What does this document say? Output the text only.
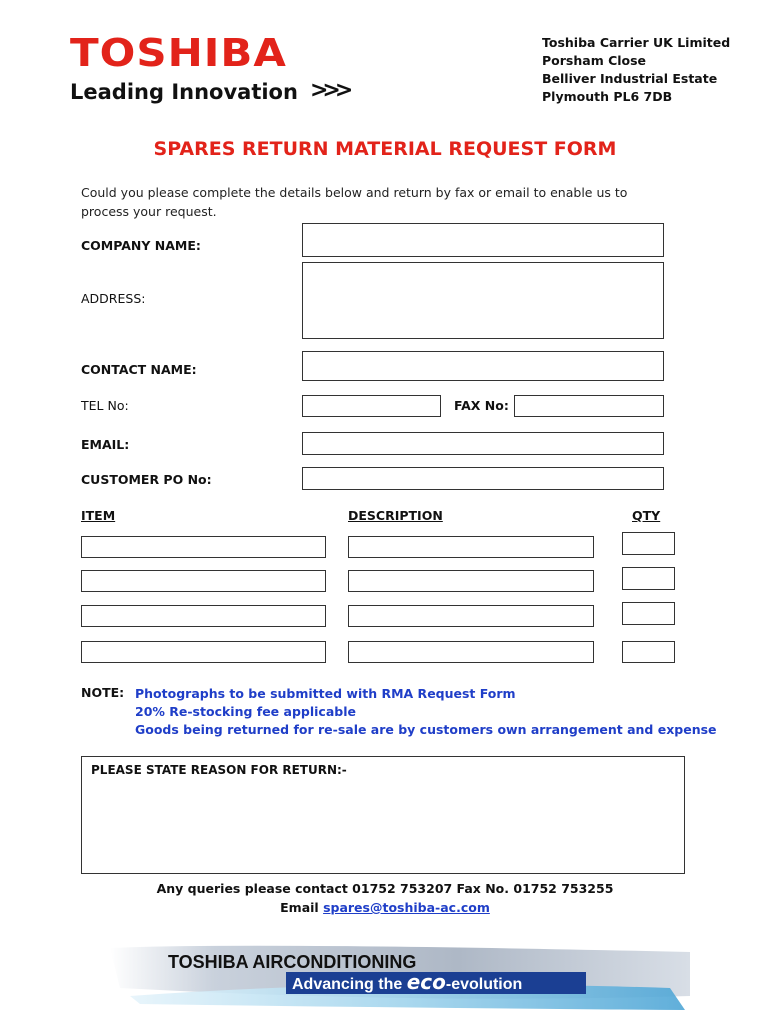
TOSHIBA
Leading Innovation >>>
Toshiba Carrier UK Limited
Porsham Close
Belliver Industrial Estate
Plymouth PL6 7DB
SPARES RETURN MATERIAL REQUEST FORM
Could you please complete the details below and return by fax or email to enable us to process your request.
COMPANY NAME:
ADDRESS:
CONTACT NAME:
TEL No:	FAX No:
EMAIL:
CUSTOMER PO No:
ITEM	DESCRIPTION	QTY
NOTE: Photographs to be submitted with RMA Request Form
20% Re-stocking fee applicable
Goods being returned for re-sale are by customers own arrangement and expense
PLEASE STATE REASON FOR RETURN:-
Any queries please contact 01752 753207 Fax No. 01752 753255
Email spares@toshiba-ac.com
TOSHIBA AIRCONDITIONING
Advancing the eco-evolution
